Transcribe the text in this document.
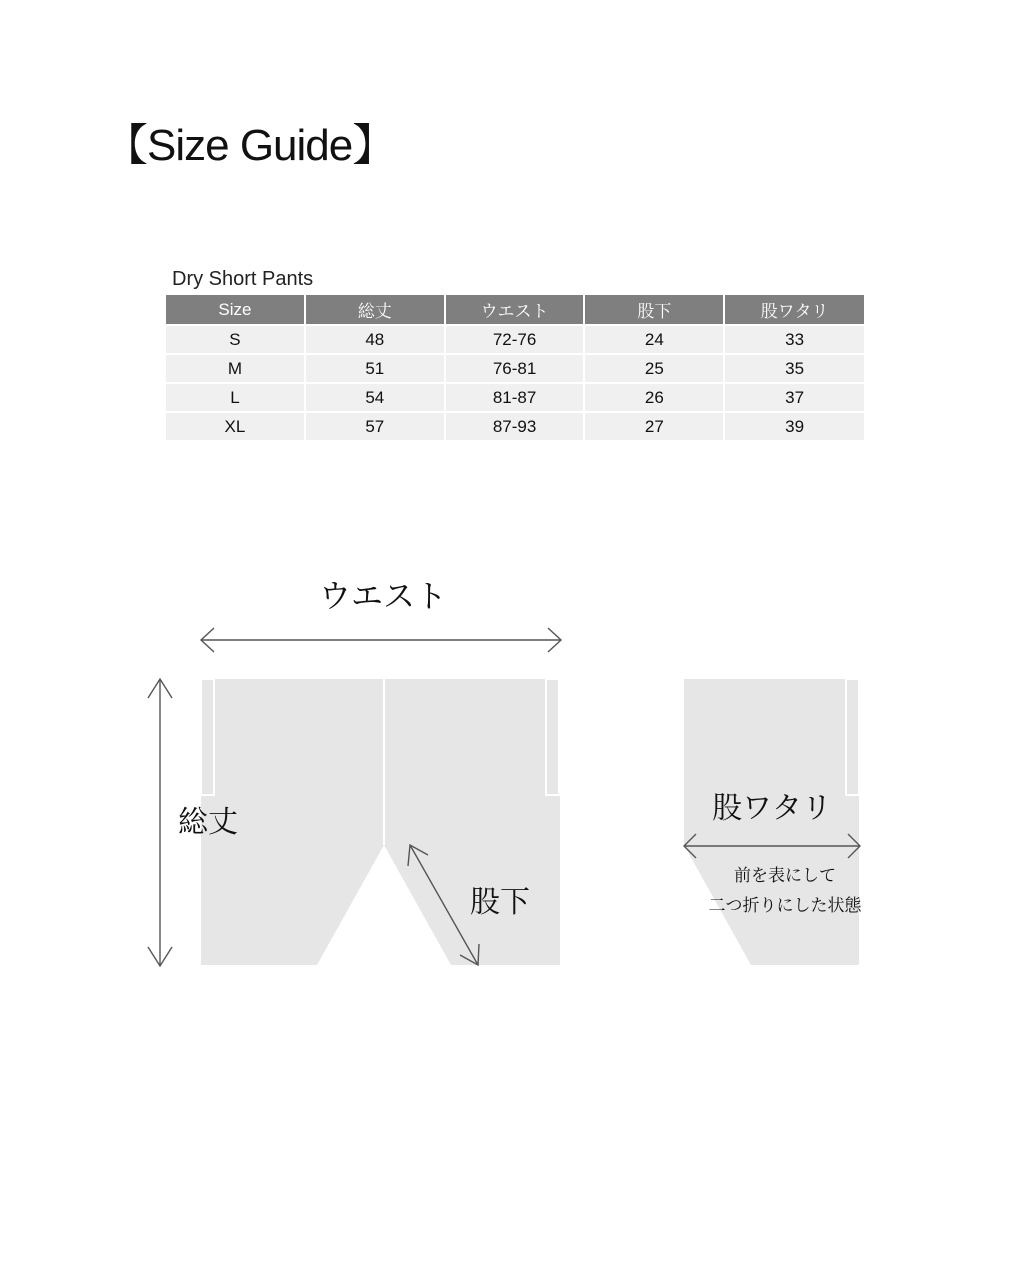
【Size Guide】
Dry Short Pants
Size	総丈	ウエスト	股下	股ワタリ
S	48	72-76	24	33
M	51	76-81	25	35
L	54	81-87	26	37
XL	57	87-93	27	39
ウエスト
総丈
股下
股ワタリ
前を表にして
二つ折りにした状態
